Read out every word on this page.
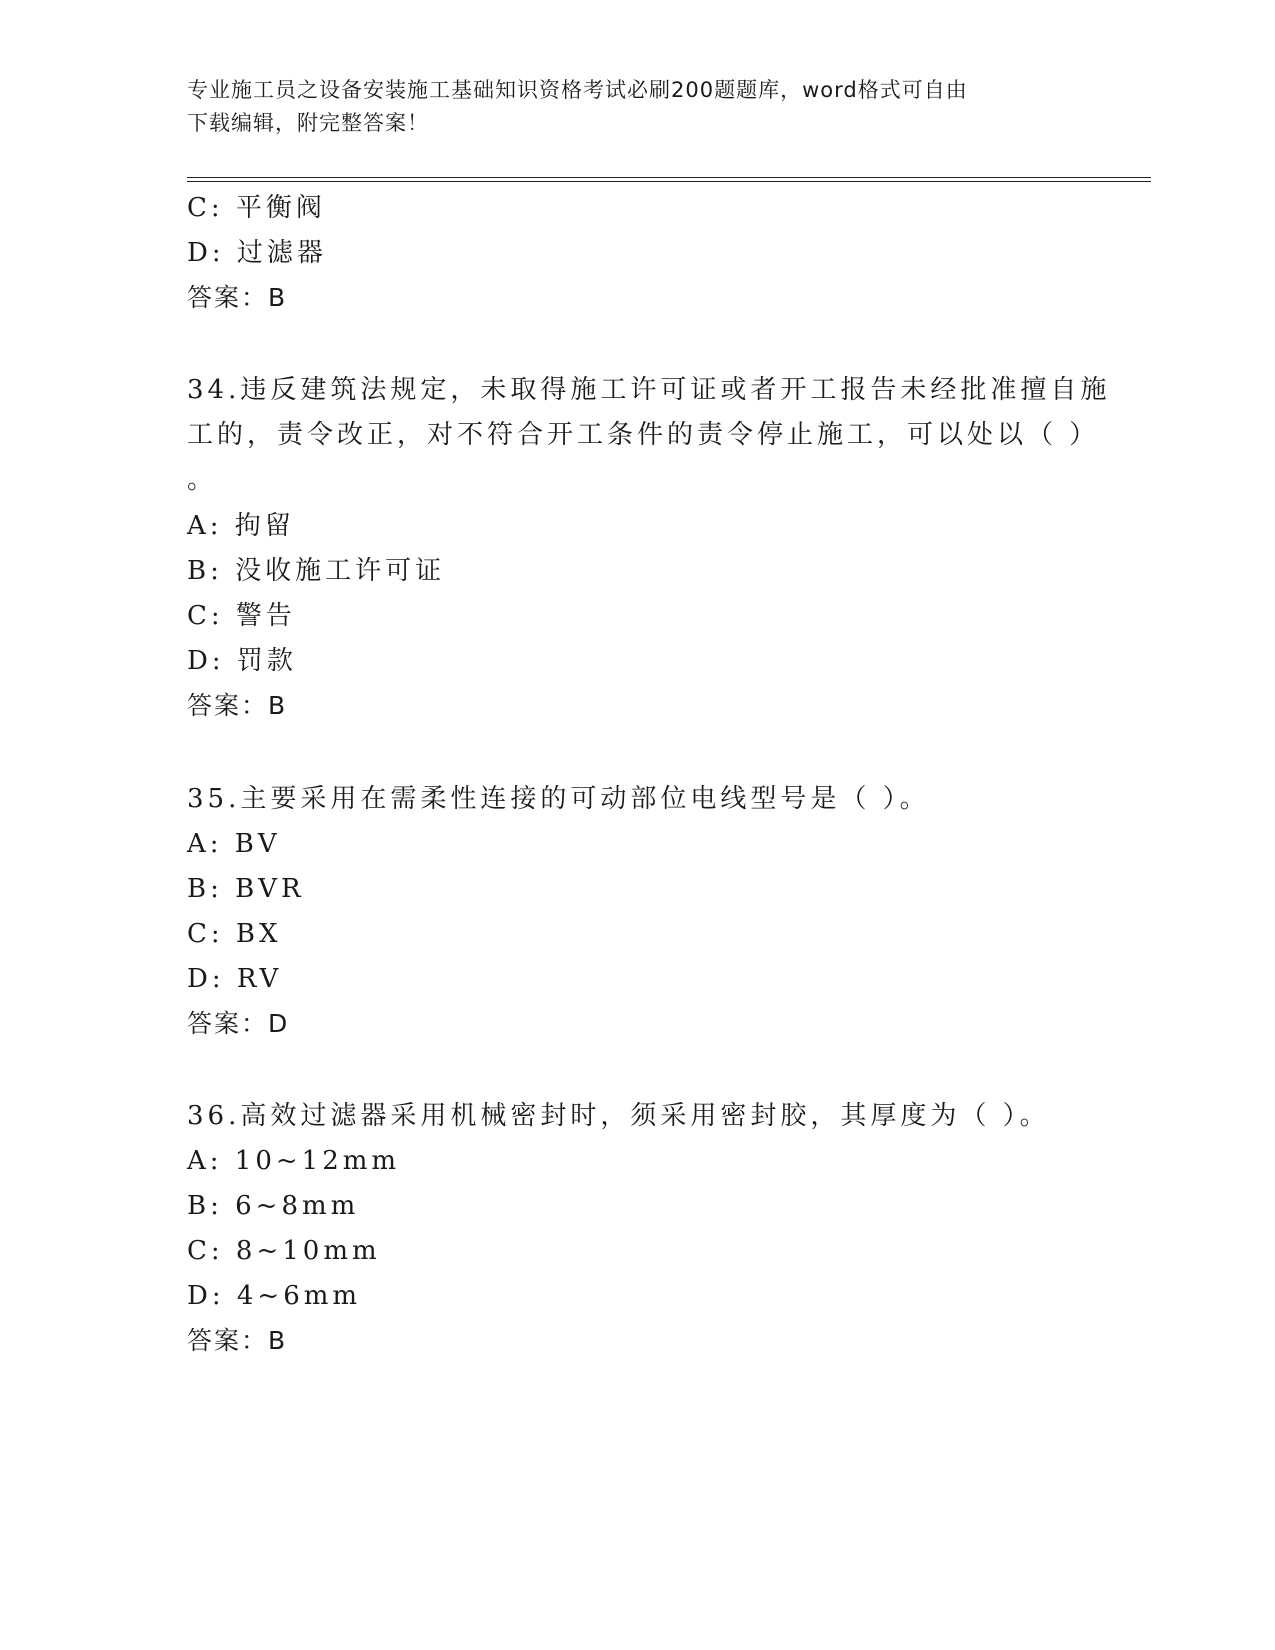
专业施工员之设备安装施工基础知识资格考试必刷200题题库，word格式可自由
下载编辑，附完整答案！
C: 平衡阀
D: 过滤器
答案：B
34.违反建筑法规定，未取得施工许可证或者开工报告未经批准擅自施
工的，责令改正，对不符合开工条件的责令停止施工，可以处以（ ）
。
A: 拘留
B: 没收施工许可证
C: 警告
D: 罚款
答案：B
35.主要采用在需柔性连接的可动部位电线型号是（ ）。
A: BV
B: BVR
C: BX
D: RV
答案：D
36.高效过滤器采用机械密封时，须采用密封胶，其厚度为（ ）。
A: 10~12mm
B: 6~8mm
C: 8~10mm
D: 4~6mm
答案：B
